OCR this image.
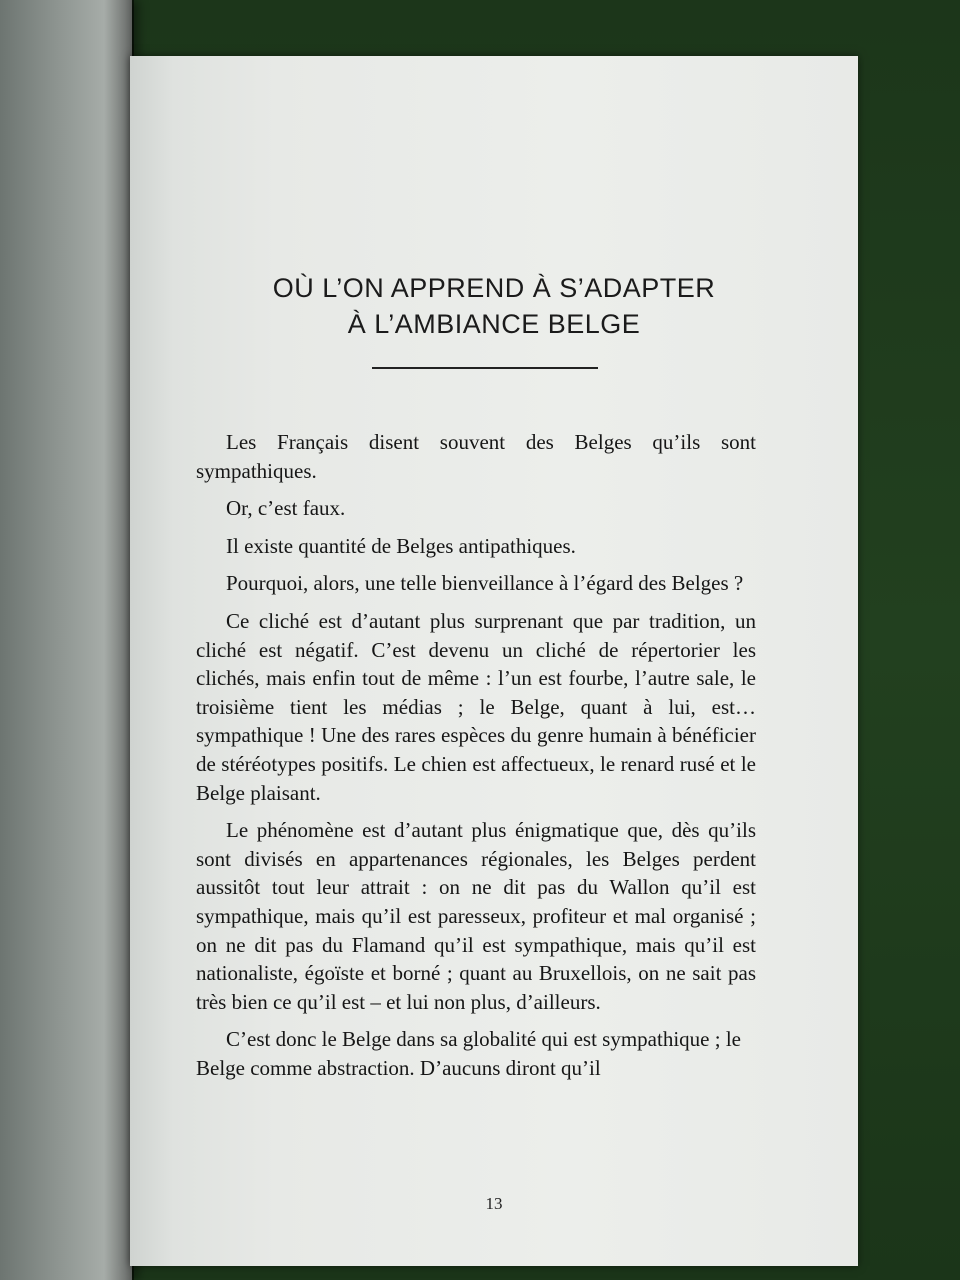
OÙ L’ON APPREND À S’ADAPTER
À L’AMBIANCE BELGE

Les Français disent souvent des Belges qu’ils sont sympathiques.

Or, c’est faux.

Il existe quantité de Belges antipathiques.

Pourquoi, alors, une telle bienveillance à l’égard des Belges ?

Ce cliché est d’autant plus surprenant que par tradition, un cliché est négatif. C’est devenu un cliché de répertorier les clichés, mais enfin tout de même : l’un est fourbe, l’autre sale, le troisième tient les médias ; le Belge, quant à lui, est… sympathique ! Une des rares espèces du genre humain à bénéficier de stéréotypes positifs. Le chien est affectueux, le renard rusé et le Belge plaisant.

Le phénomène est d’autant plus énigmatique que, dès qu’ils sont divisés en appartenances régionales, les Belges perdent aussitôt tout leur attrait : on ne dit pas du Wallon qu’il est sympathique, mais qu’il est paresseux, profiteur et mal organisé ; on ne dit pas du Flamand qu’il est sympathique, mais qu’il est nationaliste, égoïste et borné ; quant au Bruxellois, on ne sait pas très bien ce qu’il est – et lui non plus, d’ailleurs.

C’est donc le Belge dans sa globalité qui est sympathique ; le Belge comme abstraction. D’aucuns diront qu’il

13
